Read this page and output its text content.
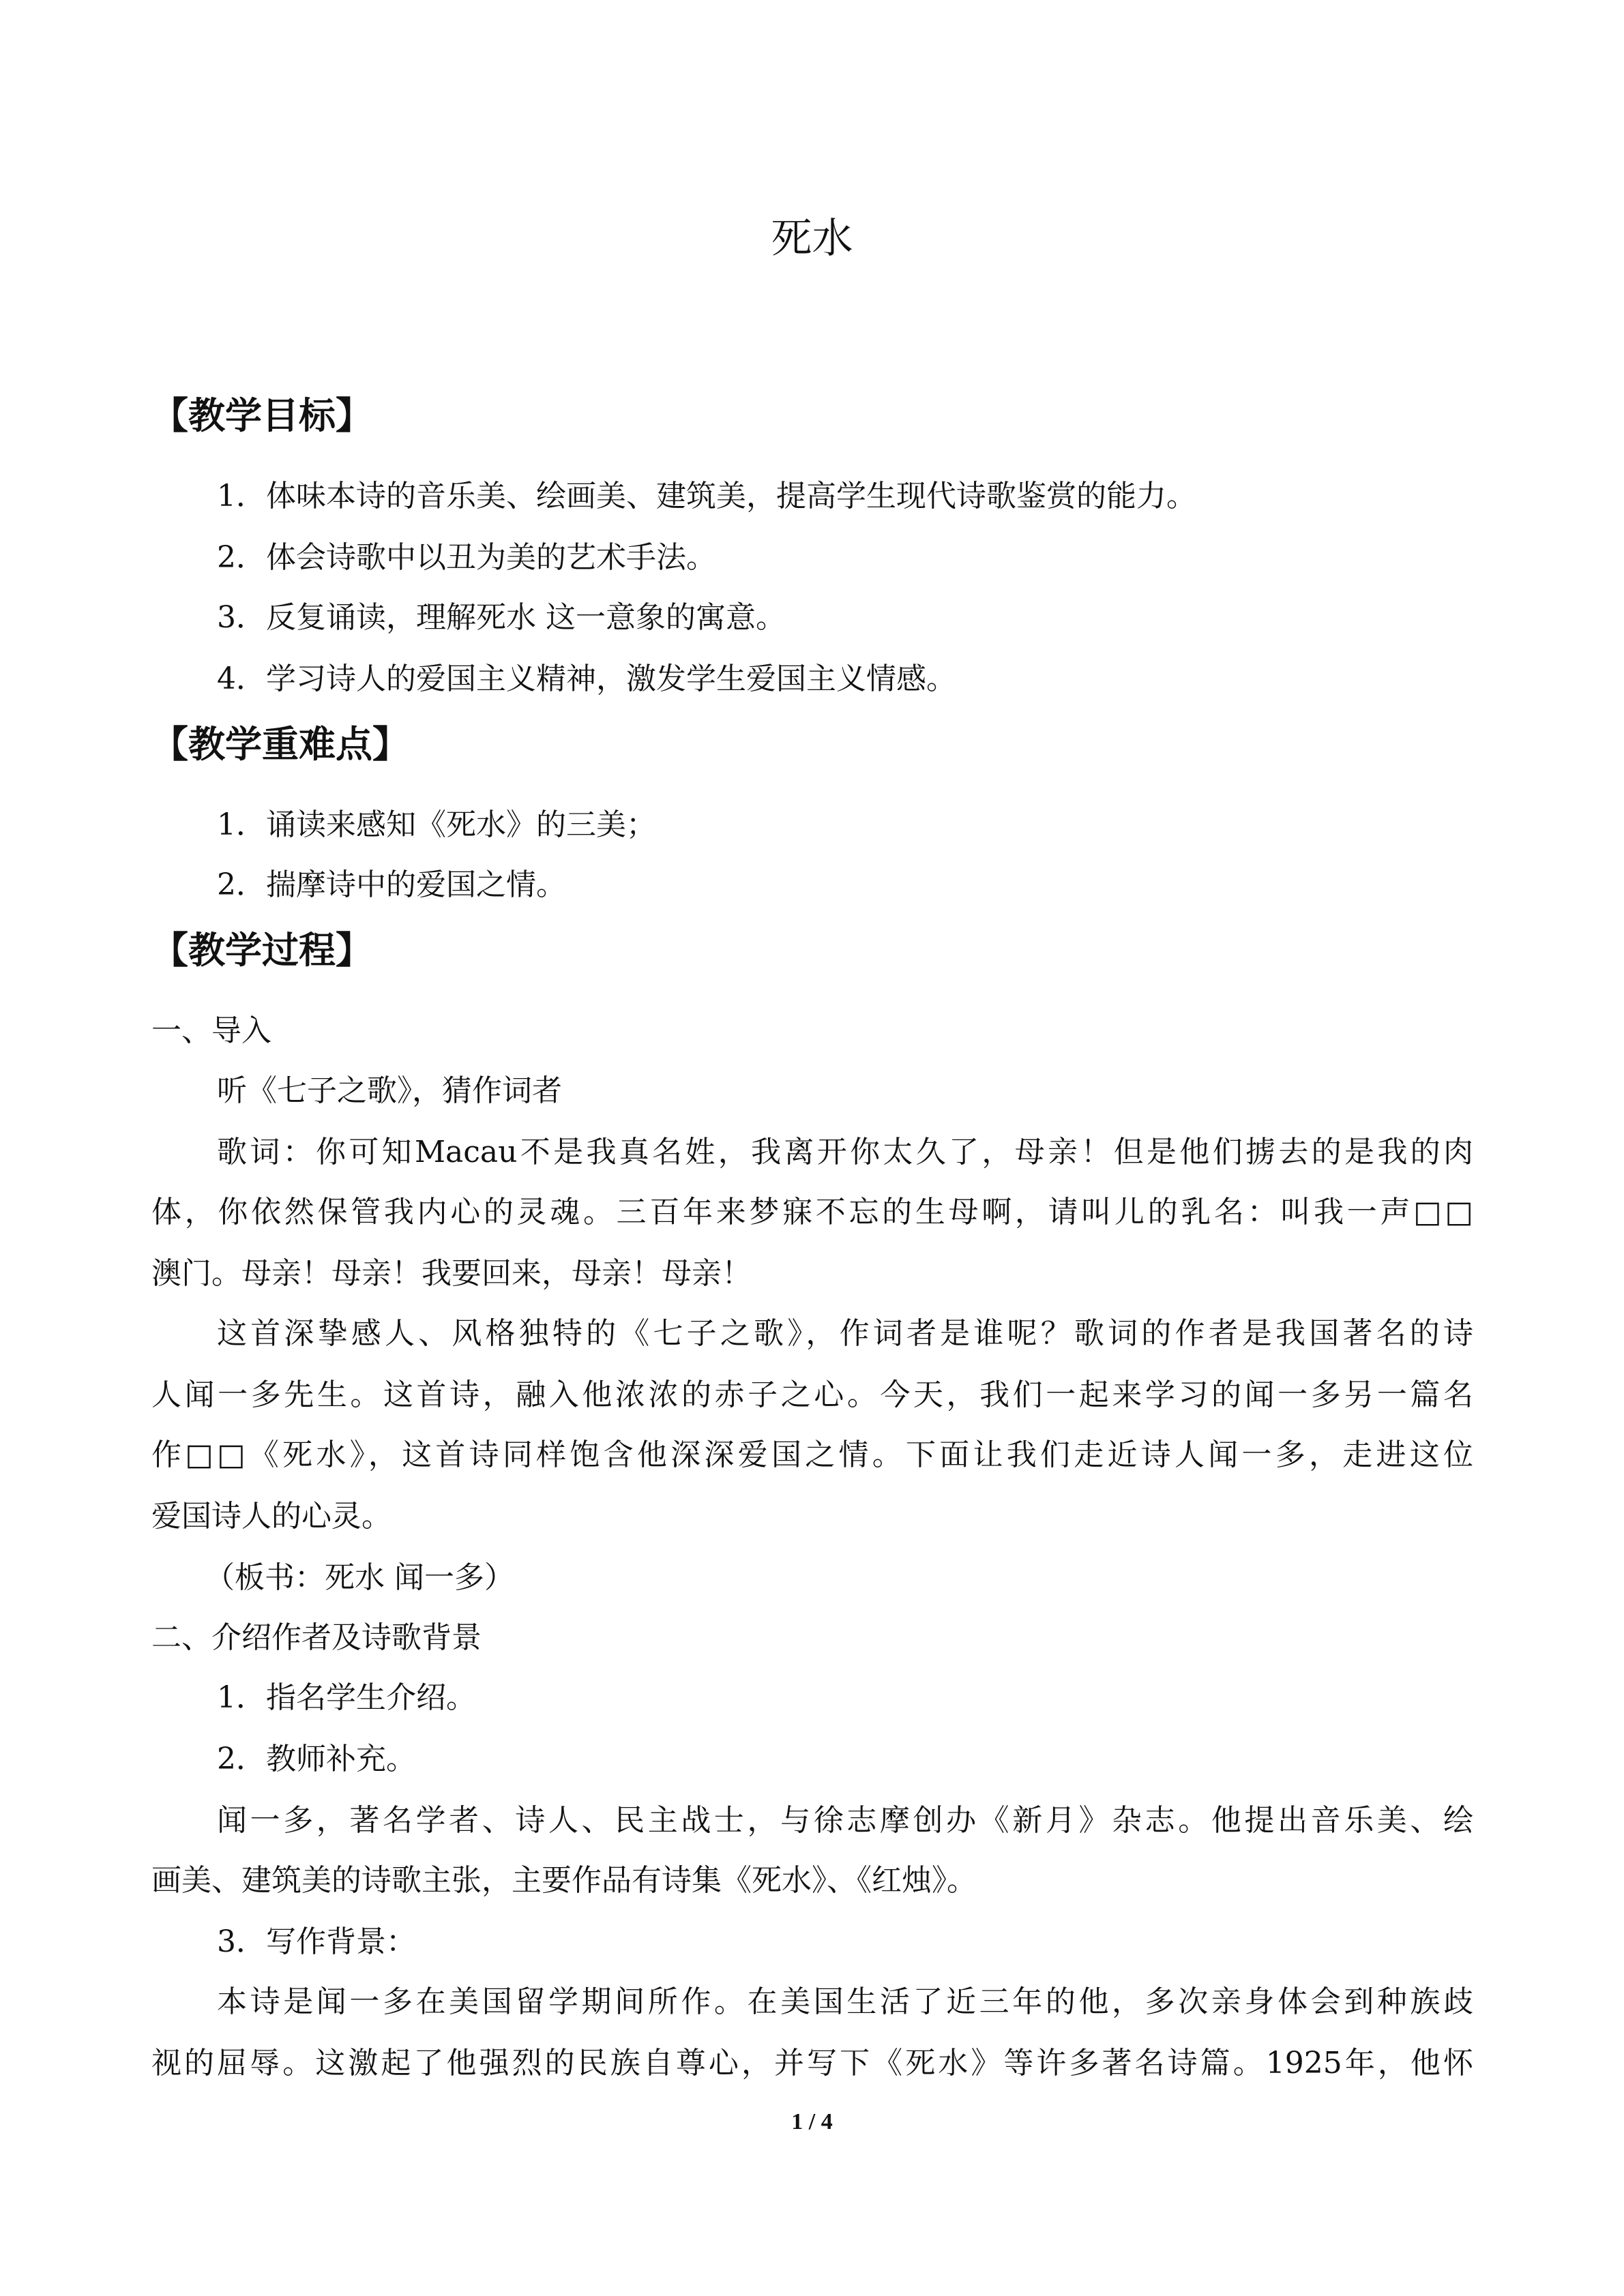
死水
【教学目标】
1．体味本诗的音乐美、绘画美、建筑美，提高学生现代诗歌鉴赏的能力。
2．体会诗歌中以丑为美的艺术手法。
3．反复诵读，理解死水 这一意象的寓意。
4．学习诗人的爱国主义精神，激发学生爱国主义情感。
【教学重难点】
1．诵读来感知《死水》的三美；
2．揣摩诗中的爱国之情。
【教学过程】
一、导入
听《七子之歌》，猜作词者
歌词：你可知Macau不是我真名姓，我离开你太久了，母亲！但是他们掳去的是我的肉
体，你依然保管我内心的灵魂。三百年来梦寐不忘的生母啊，请叫儿的乳名：叫我一声□□
澳门。母亲！母亲！我要回来，母亲！母亲！
这首深挚感人、风格独特的《七子之歌》，作词者是谁呢？歌词的作者是我国著名的诗
人闻一多先生。这首诗，融入他浓浓的赤子之心。今天，我们一起来学习的闻一多另一篇名
作□□《死水》，这首诗同样饱含他深深爱国之情。下面让我们走近诗人闻一多，走进这位
爱国诗人的心灵。
（板书：死水 闻一多）
二、介绍作者及诗歌背景
1．指名学生介绍。
2．教师补充。
闻一多，著名学者、诗人、民主战士，与徐志摩创办《新月》杂志。他提出音乐美、绘
画美、建筑美的诗歌主张，主要作品有诗集《死水》、《红烛》。
3．写作背景：
本诗是闻一多在美国留学期间所作。在美国生活了近三年的他，多次亲身体会到种族歧
视的屈辱。这激起了他强烈的民族自尊心，并写下《死水》等许多著名诗篇。1925年，他怀
1 / 4
